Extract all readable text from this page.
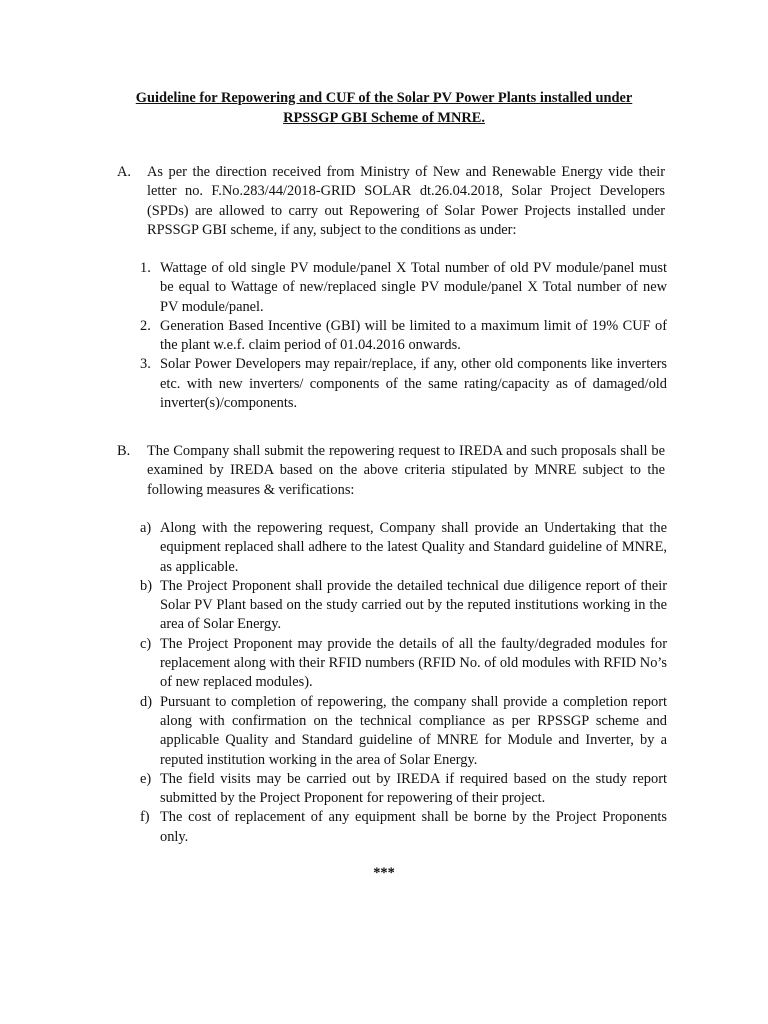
Guideline for Repowering and CUF of the Solar PV Power Plants installed under
RPSSGP GBI Scheme of MNRE.
A. As per the direction received from Ministry of New and Renewable Energy vide their letter no. F.No.283/44/2018-GRID SOLAR dt.26.04.2018, Solar Project Developers (SPDs) are allowed to carry out Repowering of Solar Power Projects installed under RPSSGP GBI scheme, if any, subject to the conditions as under:
1. Wattage of old single PV module/panel X Total number of old PV module/panel must be equal to Wattage of new/replaced single PV module/panel X Total number of new PV module/panel.
2. Generation Based Incentive (GBI) will be limited to a maximum limit of 19% CUF of the plant w.e.f. claim period of 01.04.2016 onwards.
3. Solar Power Developers may repair/replace, if any, other old components like inverters etc. with new inverters/ components of the same rating/capacity as of damaged/old inverter(s)/components.
B. The Company shall submit the repowering request to IREDA and such proposals shall be examined by IREDA based on the above criteria stipulated by MNRE subject to the following measures & verifications:
a) Along with the repowering request, Company shall provide an Undertaking that the equipment replaced shall adhere to the latest Quality and Standard guideline of MNRE, as applicable.
b) The Project Proponent shall provide the detailed technical due diligence report of their Solar PV Plant based on the study carried out by the reputed institutions working in the area of Solar Energy.
c) The Project Proponent may provide the details of all the faulty/degraded modules for replacement along with their RFID numbers (RFID No. of old modules with RFID No’s of new replaced modules).
d) Pursuant to completion of repowering, the company shall provide a completion report along with confirmation on the technical compliance as per RPSSGP scheme and applicable Quality and Standard guideline of MNRE for Module and Inverter, by a reputed institution working in the area of Solar Energy.
e) The field visits may be carried out by IREDA if required based on the study report submitted by the Project Proponent for repowering of their project.
f) The cost of replacement of any equipment shall be borne by the Project Proponents only.
***
